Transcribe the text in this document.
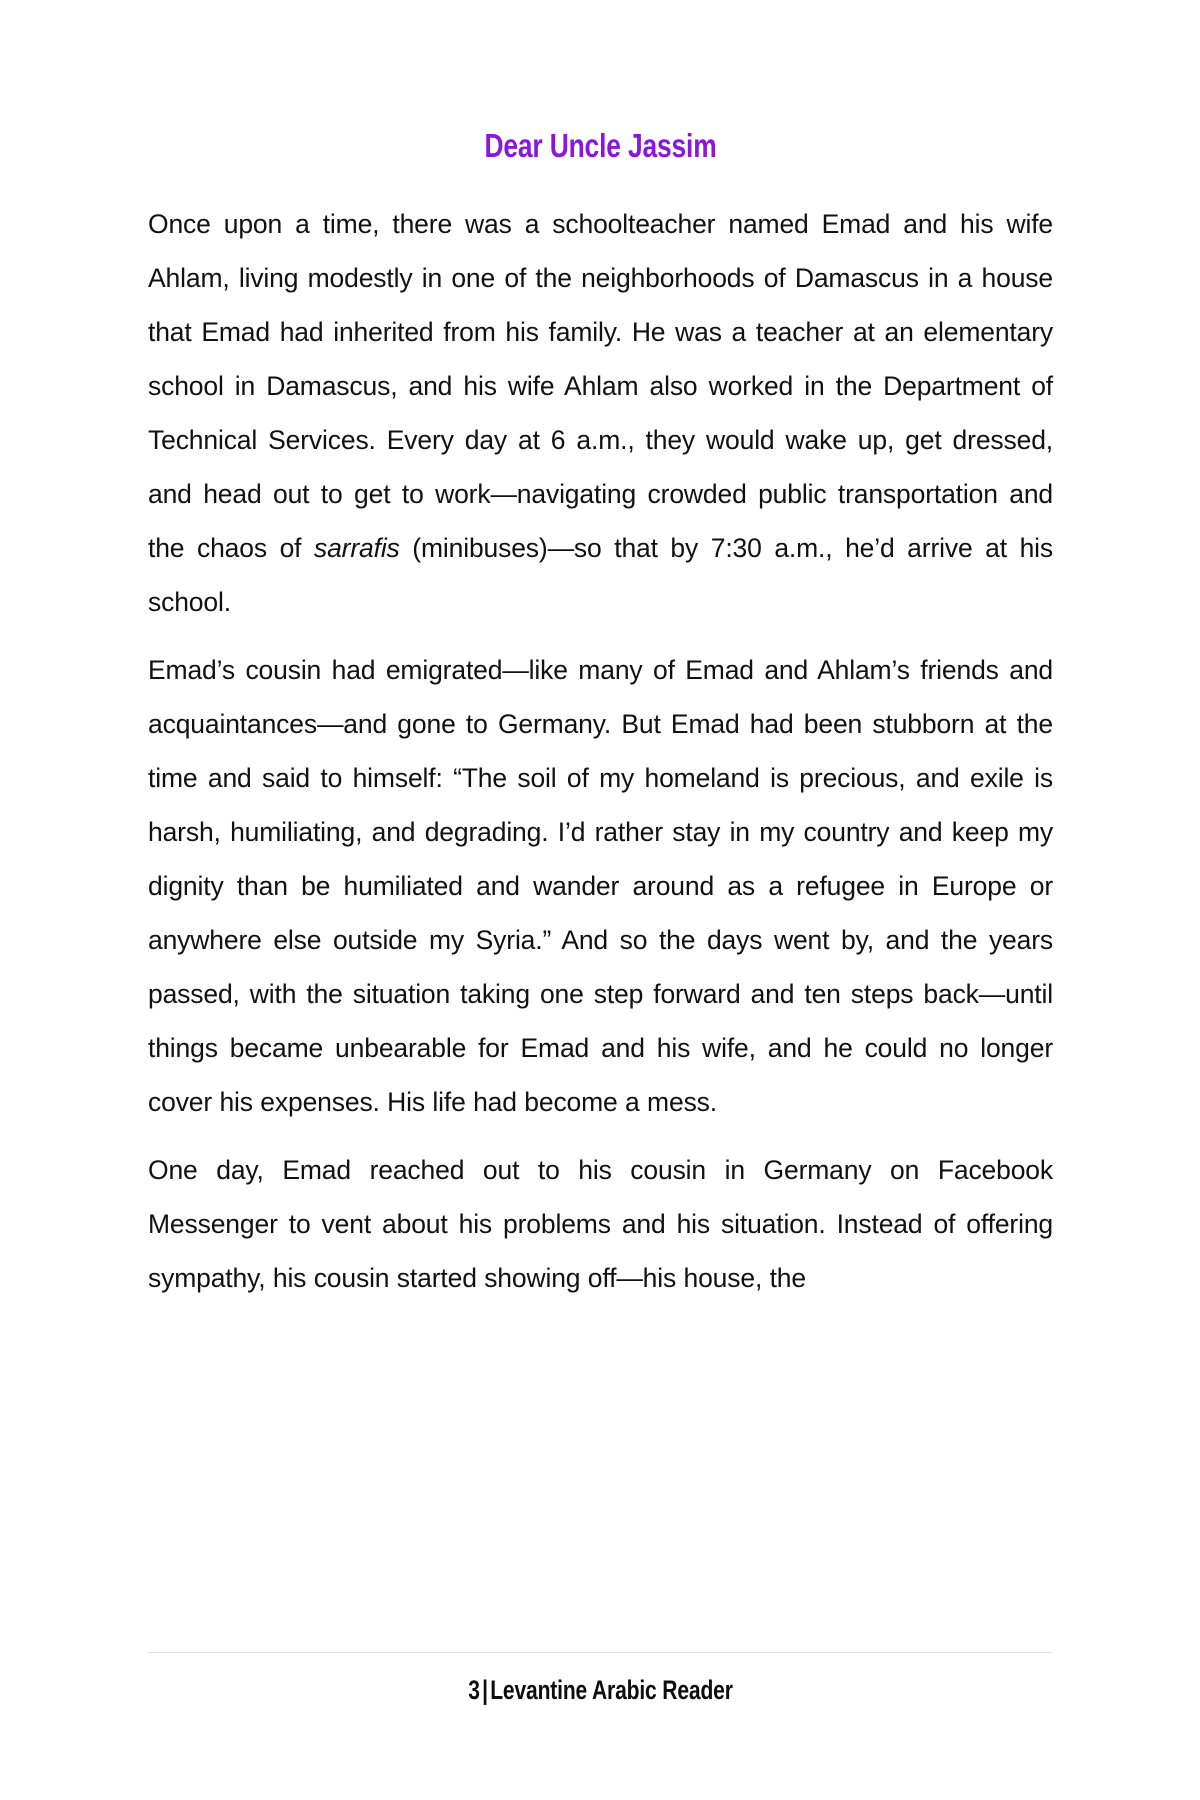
Dear Uncle Jassim

Once upon a time, there was a schoolteacher named Emad and his wife Ahlam, living modestly in one of the neighborhoods of Damascus in a house that Emad had inherited from his family. He was a teacher at an elementary school in Damascus, and his wife Ahlam also worked in the Department of Technical Services. Every day at 6 a.m., they would wake up, get dressed, and head out to get to work—navigating crowded public transportation and the chaos of sarrafis (minibuses)—so that by 7:30 a.m., he’d arrive at his school.

Emad’s cousin had emigrated—like many of Emad and Ahlam’s friends and acquaintances—and gone to Germany. But Emad had been stubborn at the time and said to himself: “The soil of my homeland is precious, and exile is harsh, humiliating, and degrading. I’d rather stay in my country and keep my dignity than be humiliated and wander around as a refugee in Europe or anywhere else outside my Syria.” And so the days went by, and the years passed, with the situation taking one step forward and ten steps back—until things became unbearable for Emad and his wife, and he could no longer cover his expenses. His life had become a mess.

One day, Emad reached out to his cousin in Germany on Facebook Messenger to vent about his problems and his situation. Instead of offering sympathy, his cousin started showing off—his house, the

3|Levantine Arabic Reader
